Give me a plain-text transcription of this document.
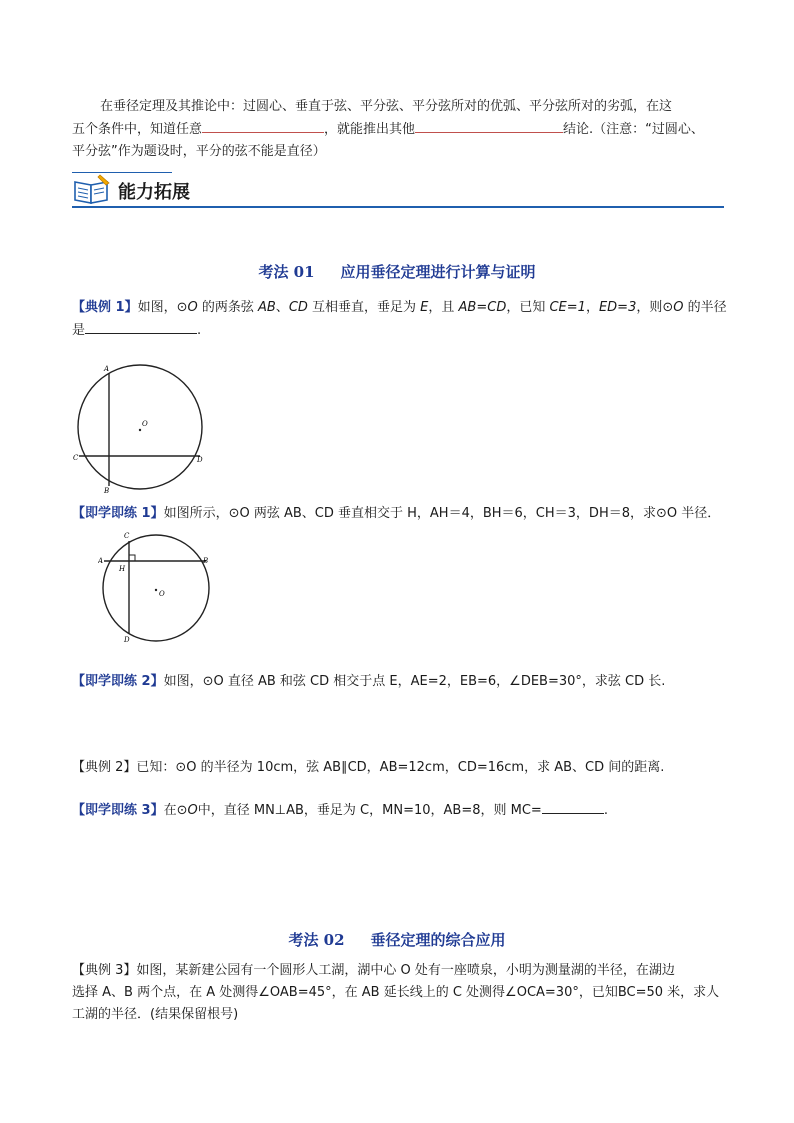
在垂径定理及其推论中：过圆心、垂直于弦、平分弦、平分弦所对的优弧、平分弦所对的劣弧，在这
五个条件中，知道任意	，就能推出其他	结论.（注意：“过圆心、
平分弦”作为题设时，平分的弦不能是直径）
能力拓展
考法 01 应用垂径定理进行计算与证明
【典例 1】如图，⊙O 的两条弦 AB、CD 互相垂直，垂足为 E，且 AB=CD，已知 CE=1，ED=3，则⊙O 的半径
是	.
A
B
C	D
O
【即学即练 1】如图所示，⊙O 两弦 AB、CD 垂直相交于 H，AH＝4，BH＝6，CH＝3，DH＝8，求⊙O 半径．
C
A
H
B
O
D
【即学即练 2】如图，⊙O 直径 AB 和弦 CD 相交于点 E，AE=2，EB=6，∠DEB=30°，求弦 CD 长.
【典例 2】已知：⊙O 的半径为 10cm，弦 AB∥CD，AB=12cm，CD=16cm，求 AB、CD 间的距离.
【即学即练 3】在⊙O中，直径 MN⊥AB，垂足为 C，MN=10，AB=8，则 MC=	.
考法 02 垂径定理的综合应用
【典例 3】如图，某新建公园有一个圆形人工湖，湖中心 O 处有一座喷泉，小明为测量湖的半径，在湖边
选择 A、B 两个点，在 A 处测得∠OAB=45°，在 AB 延长线上的 C 处测得∠OCA=30°，已知BC=50 米，求人
工湖的半径．(结果保留根号)
